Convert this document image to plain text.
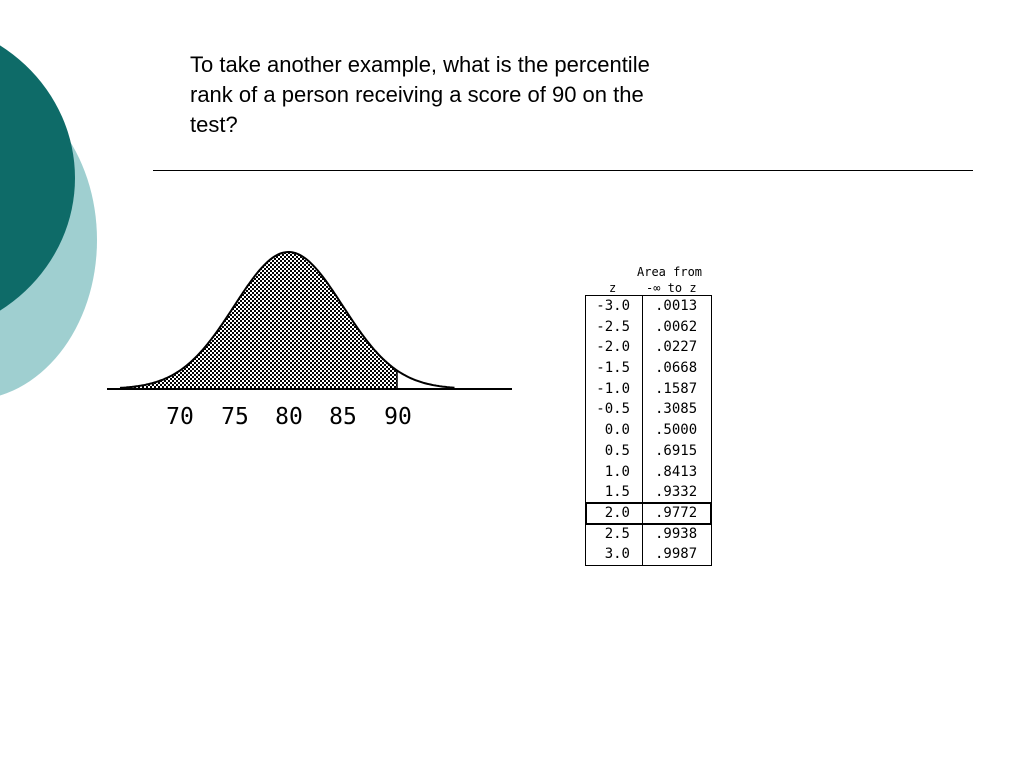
To take another example, what is the percentile
rank of a person receiving a score of 90 on the
test?
70	75	80	85	90
Area from
z -∞ to z
-3.0	.0013
-2.5	.0062
-2.0	.0227
-1.5	.0668
-1.0	.1587
-0.5	.3085
0.0	.5000
0.5	.6915
1.0	.8413
1.5	.9332
2.0	.9772
2.5	.9938
3.0	.9987
